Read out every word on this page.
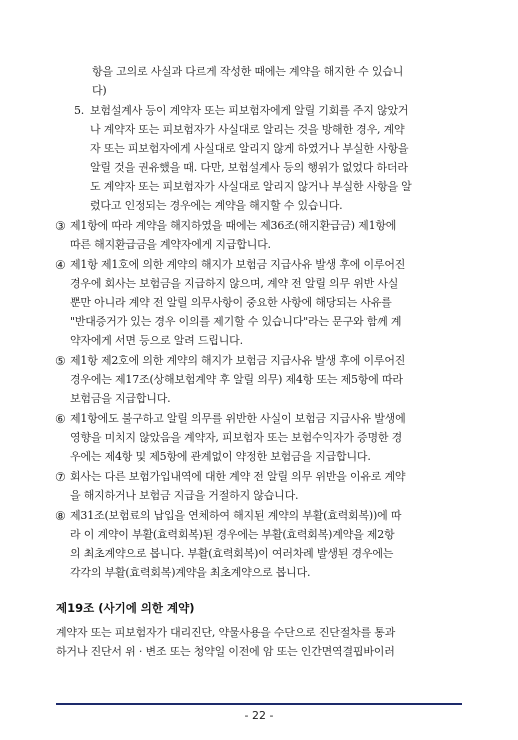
항을 고의로 사실과 다르게 작성한 때에는 계약을 해지한 수 있습니
다)
5. 보험설계사 등이 계약자 또는 피보험자에게 알릴 기회를 주지 않았거
나 계약자 또는 피보험자가 사실대로 알리는 것을 방해한 경우, 계약
자 또는 피보험자에게 사실대로 알리지 않게 하였거나 부실한 사항을
알릴 것을 권유했을 때. 다만, 보험설계사 등의 행위가 없었다 하더라
도 계약자 또는 피보험자가 사실대로 알리지 않거나 부실한 사항을 알
렸다고 인정되는 경우에는 계약을 해지할 수 있습니다.
③ 제1항에 따라 계약을 해지하였을 때에는 제36조(해지환급금) 제1항에
따른 해지환급금을 계약자에게 지급합니다.
④ 제1항 제1호에 의한 계약의 해지가 보험금 지급사유 발생 후에 이루어진
경우에 회사는 보험금을 지급하지 않으며, 계약 전 알릴 의무 위반 사실
뿐만 아니라 계약 전 알릴 의무사항이 중요한 사항에 해당되는 사유를
"반대증거가 있는 경우 이의를 제기할 수 있습니다"라는 문구와 함께 계
약자에게 서면 등으로 알려 드립니다.
⑤ 제1항 제2호에 의한 계약의 해지가 보험금 지급사유 발생 후에 이루어진
경우에는 제17조(상해보험계약 후 알릴 의무) 제4항 또는 제5항에 따라
보험금을 지급합니다.
⑥ 제1항에도 불구하고 알릴 의무를 위반한 사실이 보험금 지급사유 발생에
영향을 미치지 않았음을 계약자, 피보험자 또는 보험수익자가 증명한 경
우에는 제4항 및 제5항에 관계없이 약정한 보험금을 지급합니다.
⑦ 회사는 다른 보험가입내역에 대한 계약 전 알릴 의무 위반을 이유로 계약
을 해지하거나 보험금 지급을 거절하지 않습니다.
⑧ 제31조(보험료의 납입을 연체하여 해지된 계약의 부활(효력회복))에 따
라 이 계약이 부활(효력회복)된 경우에는 부활(효력회복)계약을 제2항
의 최초계약으로 봅니다. 부활(효력회복)이 여러차례 발생된 경우에는
각각의 부활(효력회복)계약을 최초계약으로 봅니다.
제19조 (사기에 의한 계약)
계약자 또는 피보험자가 대리진단, 약물사용을 수단으로 진단절차를 통과
하거나 진단서 위 · 변조 또는 청약일 이전에 암 또는 인간면역결핍바이러
- 22 -
